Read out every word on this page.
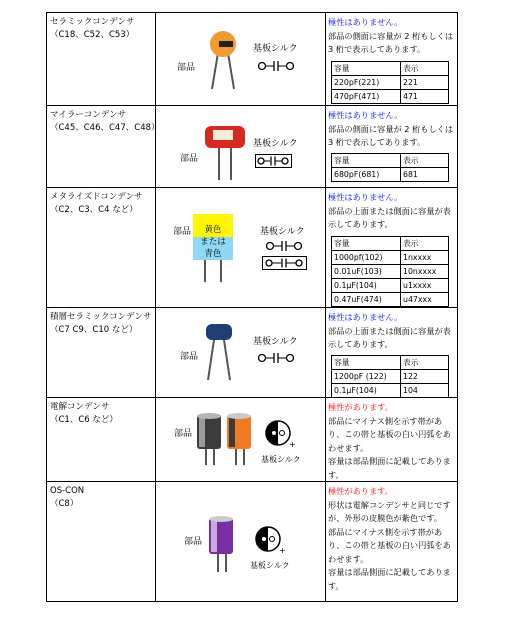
セラミックコンデンサ
（C18、C52、C53）
部品
基板シルク
極性はありません。
部品の側面に容量が 2 桁もしくは 3 桁で表示してあります。
容量	表示
220pF(221)	221
470pF(471)	471
マイラーコンデンサ
（C45、C46、C47、C48）
部品
基板シルク
極性はありません。
部品の側面に容量が 2 桁もしくは 3 桁で表示してあります。
容量	表示
680pF(681)	681
メタライズドコンデンサ
（C2、C3、C4 など）
部品	黄色
または
青色
基板シルク
極性はありません。
部品の上面または側面に容量が表示してあります。
容量	表示
1000pf(102)	1nxxxx
0.01uF(103)	10nxxxx
0.1μF(104)	u1xxxx
0.47uF(474)	u47xxx
積層セラミックコンデンサ
（C7 C9、C10 など）
部品
基板シルク
極性はありません。
部品の上面または側面に容量が表示してあります。
容量	表示
1200pF (122)	122
0.1μF(104)	104
電解コンデンサ
（C1、C6 など）
部品
+
基板シルク
極性があります。
部品にマイナス側を示す帯があり、この帯と基板の白い円弧をあわせます。
容量は部品側面に記載してあります。
OS-CON
（C8）
部品
+
基板シルク
極性があります。
形状は電解コンデンサと同じですが、外形の皮膜色が紫色です。
部品にマイナス側を示す帯があり、この帯と基板の白い円弧をあわせます。
容量は部品側面に記載してあります。
